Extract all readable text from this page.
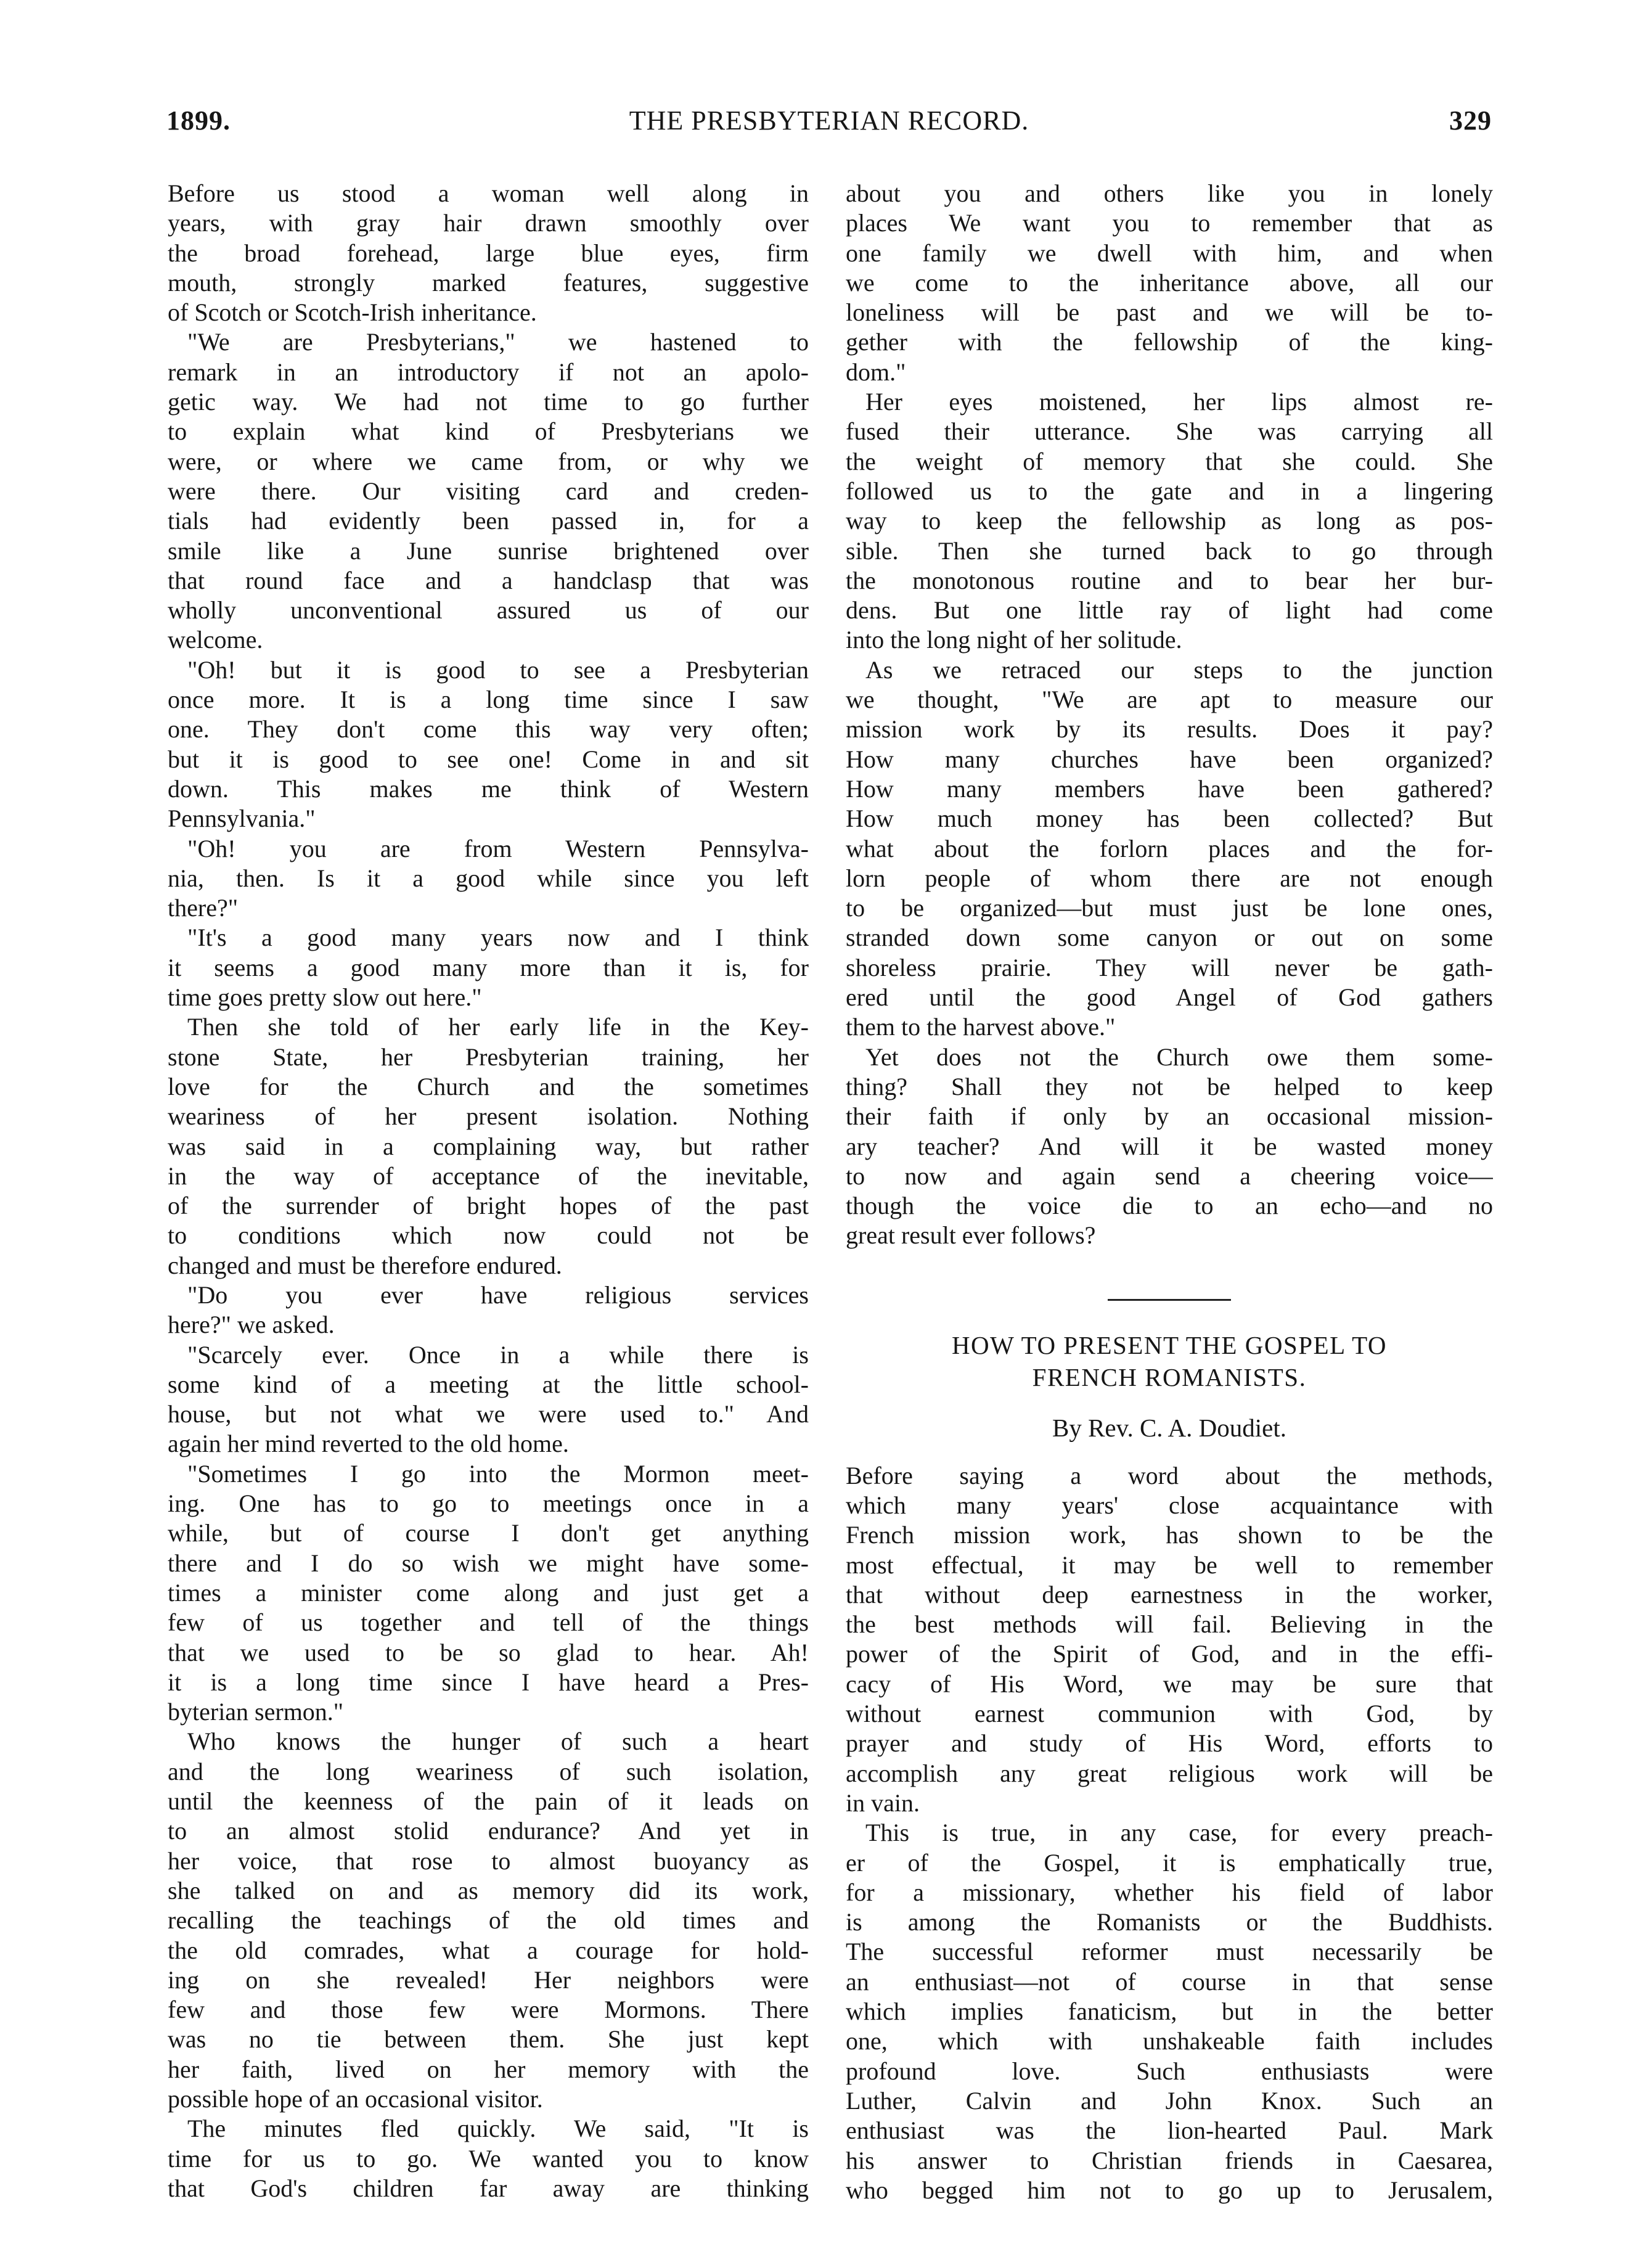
1899.	THE PRESBYTERIAN RECORD.	329
Before us stood a woman well along in
years, with gray hair drawn smoothly over
the broad forehead, large blue eyes, firm
mouth, strongly marked features, suggestive
of Scotch or Scotch-Irish inheritance.
"We are Presbyterians," we hastened to
remark in an introductory if not an apolo-
getic way. We had not time to go further
to explain what kind of Presbyterians we
were, or where we came from, or why we
were there. Our visiting card and creden-
tials had evidently been passed in, for a
smile like a June sunrise brightened over
that round face and a handclasp that was
wholly unconventional assured us of our
welcome.
"Oh! but it is good to see a Presbyterian
once more. It is a long time since I saw
one. They don't come this way very often;
but it is good to see one! Come in and sit
down. This makes me think of Western
Pennsylvania."
"Oh! you are from Western Pennsylva-
nia, then. Is it a good while since you left
there?"
"It's a good many years now and I think
it seems a good many more than it is, for
time goes pretty slow out here."
Then she told of her early life in the Key-
stone State, her Presbyterian training, her
love for the Church and the sometimes
weariness of her present isolation. Nothing
was said in a complaining way, but rather
in the way of acceptance of the inevitable,
of the surrender of bright hopes of the past
to conditions which now could not be
changed and must be therefore endured.
"Do you ever have religious services
here?" we asked.
"Scarcely ever. Once in a while there is
some kind of a meeting at the little school-
house, but not what we were used to." And
again her mind reverted to the old home.
"Sometimes I go into the Mormon meet-
ing. One has to go to meetings once in a
while, but of course I don't get anything
there and I do so wish we might have some-
times a minister come along and just get a
few of us together and tell of the things
that we used to be so glad to hear. Ah!
it is a long time since I have heard a Pres-
byterian sermon."
Who knows the hunger of such a heart
and the long weariness of such isolation,
until the keenness of the pain of it leads on
to an almost stolid endurance? And yet in
her voice, that rose to almost buoyancy as
she talked on and as memory did its work,
recalling the teachings of the old times and
the old comrades, what a courage for hold-
ing on she revealed! Her neighbors were
few and those few were Mormons. There
was no tie between them. She just kept
her faith, lived on her memory with the
possible hope of an occasional visitor.
The minutes fled quickly. We said, "It is
time for us to go. We wanted you to know
that God's children far away are thinking
about you and others like you in lonely
places We want you to remember that as
one family we dwell with him, and when
we come to the inheritance above, all our
loneliness will be past and we will be to-
gether with the fellowship of the king-
dom."
Her eyes moistened, her lips almost re-
fused their utterance. She was carrying all
the weight of memory that she could. She
followed us to the gate and in a lingering
way to keep the fellowship as long as pos-
sible. Then she turned back to go through
the monotonous routine and to bear her bur-
dens. But one little ray of light had come
into the long night of her solitude.
As we retraced our steps to the junction
we thought, "We are apt to measure our
mission work by its results. Does it pay?
How many churches have been organized?
How many members have been gathered?
How much money has been collected? But
what about the forlorn places and the for-
lorn people of whom there are not enough
to be organized—but must just be lone ones,
stranded down some canyon or out on some
shoreless prairie. They will never be gath-
ered until the good Angel of God gathers
them to the harvest above."
Yet does not the Church owe them some-
thing? Shall they not be helped to keep
their faith if only by an occasional mission-
ary teacher? And will it be wasted money
to now and again send a cheering voice—
though the voice die to an echo—and no
great result ever follows?
HOW TO PRESENT THE GOSPEL TO
FRENCH ROMANISTS.
By Rev. C. A. Doudiet.
Before saying a word about the methods,
which many years' close acquaintance with
French mission work, has shown to be the
most effectual, it may be well to remember
that without deep earnestness in the worker,
the best methods will fail. Believing in the
power of the Spirit of God, and in the effi-
cacy of His Word, we may be sure that
without earnest communion with God, by
prayer and study of His Word, efforts to
accomplish any great religious work will be
in vain.
This is true, in any case, for every preach-
er of the Gospel, it is emphatically true,
for a missionary, whether his field of labor
is among the Romanists or the Buddhists.
The successful reformer must necessarily be
an enthusiast—not of course in that sense
which implies fanaticism, but in the better
one, which with unshakeable faith includes
profound love. Such enthusiasts were
Luther, Calvin and John Knox. Such an
enthusiast was the lion-hearted Paul. Mark
his answer to Christian friends in Caesarea,
who begged him not to go up to Jerusalem,
